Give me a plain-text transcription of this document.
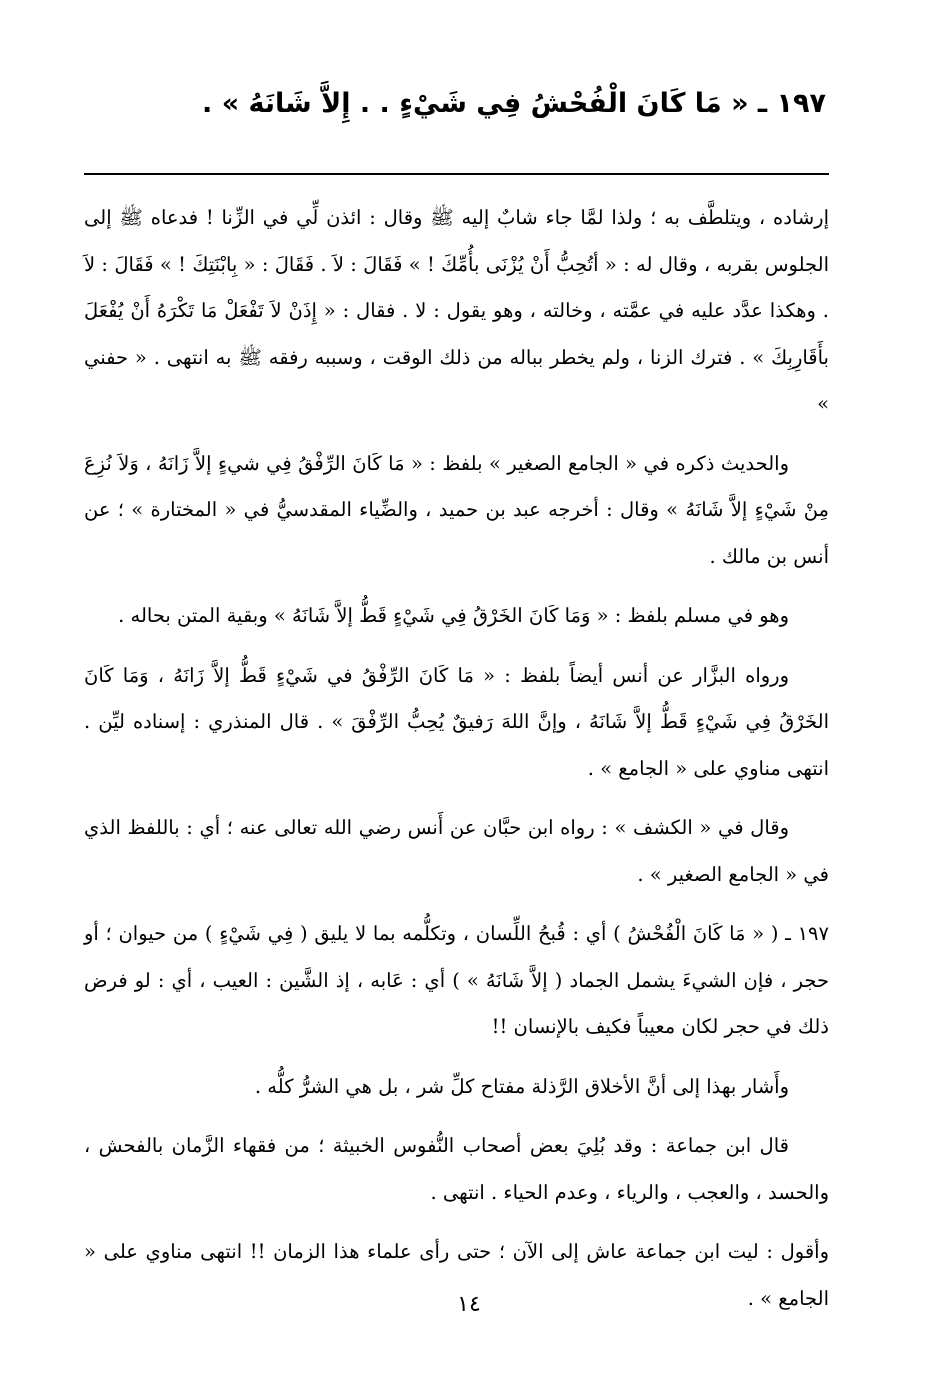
١٩٧ ـ « مَا كَانَ الْفُحْشُ فِي شَيْءٍ . . إِلاَّ شَانَهُ » .

إرشاده ، ويتلطَّف به ؛ ولذا لمَّا جاء شابٌ إليه ﷺ وقال : ائذن لِّي في الزِّنا ! فدعاه ﷺ إلى الجلوس بقربه ، وقال له : « أتُحِبُّ أَنْ يُزْنَى بأُمِّكَ ! » فَقَالَ : لاَ . فَقَالَ : « بِابْنَتِكَ ! » فَقَالَ : لاَ . وهكذا عدَّد عليه في عمَّته ، وخالته ، وهو يقول : لا . فقال : « إِذَنْ لاَ تَفْعَلْ مَا تَكْرَهُ أَنْ يُفْعَلَ بأَقَارِبِكَ » . فترك الزنا ، ولم يخطر بباله من ذلك الوقت ، وسببه رفقه ﷺ به انتهى . « حفني »

والحديث ذكره في « الجامع الصغير » بلفظ : « مَا كَانَ الرِّفْقُ فِي شيءٍ إلاَّ زَانَهُ ، وَلاَ نُزِعَ مِنْ شَيْءٍ إلاَّ شَانَهُ » وقال : أخرجه عبد بن حميد ، والضِّياء المقدسيُّ في « المختارة » ؛ عن أنس بن مالك .

وهو في مسلم بلفظ : « وَمَا كَانَ الخَرْقُ فِي شَيْءٍ قَطُّ إلاَّ شَانَهُ » وبقية المتن بحاله .

ورواه البزَّار عن أنس أيضاً بلفظ : « مَا كَانَ الرِّفْقُ في شَيْءٍ قَطُّ إلاَّ زَانَهُ ، وَمَا كَانَ الخَرْقُ فِي شَيْءٍ قَطُّ إلاَّ شَانَهُ ، وإنَّ اللهَ رَفيقٌ يُحِبُّ الرِّفْقَ » . قال المنذري : إسناده ليِّن . انتهى مناوي على « الجامع » .

وقال في « الكشف » : رواه ابن حبَّان عن أَنس رضي الله تعالى عنه ؛ أي : باللفظ الذي في « الجامع الصغير » .

١٩٧ ـ ( « مَا كَانَ الْفُحْشُ ) أي : قُبحُ اللِّسان ، وتكلُّمه بما لا يليق ( فِي شَيْءٍ ) من حيوان ؛ أو حجر ، فإن الشيءَ يشمل الجماد ( إلاَّ شَانَهُ » ) أي : عَابه ، إذ الشَّين : العيب ، أي : لو فرض ذلك في حجر لكان معيباً فكيف بالإنسان !!

وأَشار بهذا إلى أنَّ الأخلاق الرَّذلة مفتاح كلِّ شر ، بل هي الشرُّ كلُّه .

قال ابن جماعة : وقد بُلِيَ بعض أصحاب النُّفوس الخبيثة ؛ من فقهاء الزَّمان بالفحش ، والحسد ، والعجب ، والرياء ، وعدم الحياء . انتهى .

وأقول : ليت ابن جماعة عاش إلى الآن ؛ حتى رأى علماء هذا الزمان !! انتهى مناوي على « الجامع » .

١٤
